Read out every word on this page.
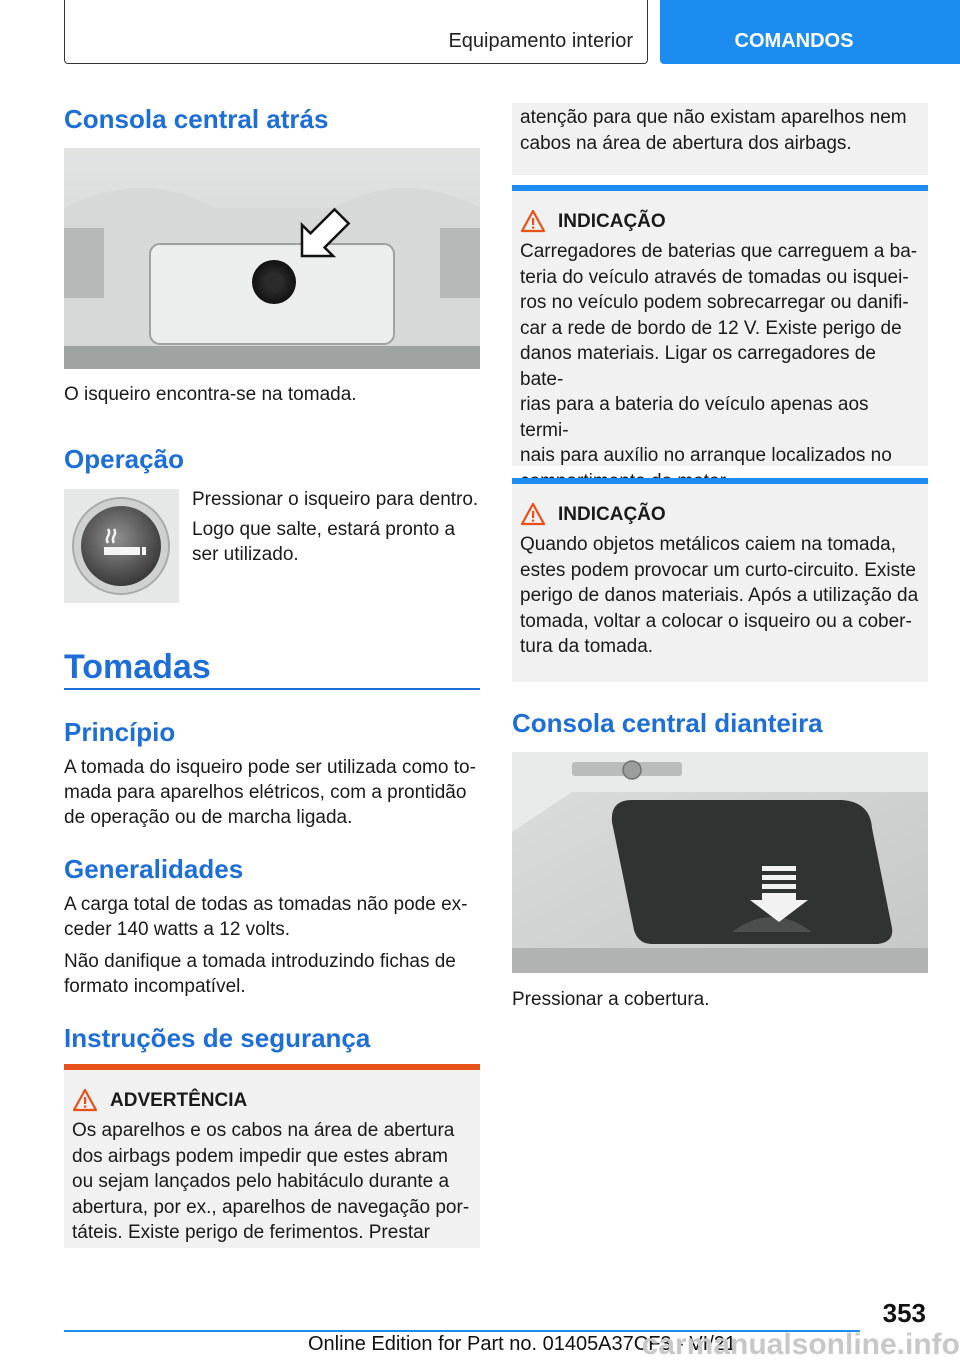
Equipamento interior	COMANDOS
Consola central atrás

O isqueiro encontra-se na tomada.

Operação

Pressionar o isqueiro para dentro.

Logo que salte, estará pronto a

ser utilizado.

Tomadas
Princípio

A tomada do isqueiro pode ser utilizada como to-

mada para aparelhos elétricos, com a prontidão

de operação ou de marcha ligada.

Generalidades

A carga total de todas as tomadas não pode ex-

ceder 140 watts a 12 volts.

Não danifique a tomada introduzindo fichas de

formato incompatível.

Instruções de segurança
ADVERTÊNCIA

Os aparelhos e os cabos na área de abertura

dos airbags podem impedir que estes abram

ou sejam lançados pelo habitáculo durante a

abertura, por ex., aparelhos de navegação por-

táteis. Existe perigo de ferimentos. Prestar

atenção para que não existam aparelhos nem

cabos na área de abertura dos airbags.

INDICAÇÃO

Carregadores de baterias que carreguem a ba-

teria do veículo através de tomadas ou isquei-

ros no veículo podem sobrecarregar ou danifi-

car a rede de bordo de 12 V. Existe perigo de

danos materiais. Ligar os carregadores de bate-

rias para a bateria do veículo apenas aos termi-

nais para auxílio no arranque localizados no

INDICAÇÃO

Quando objetos metálicos caiem na tomada,

estes podem provocar um curto-circuito. Existe

perigo de danos materiais. Após a utilização da

tomada, voltar a colocar o isqueiro ou a cober-

tura da tomada.

Consola central dianteira

Pressionar a cobertura.

353
Online Edition for Part no. 01405A37CF3 - VI/21
carmanualsonline.info
